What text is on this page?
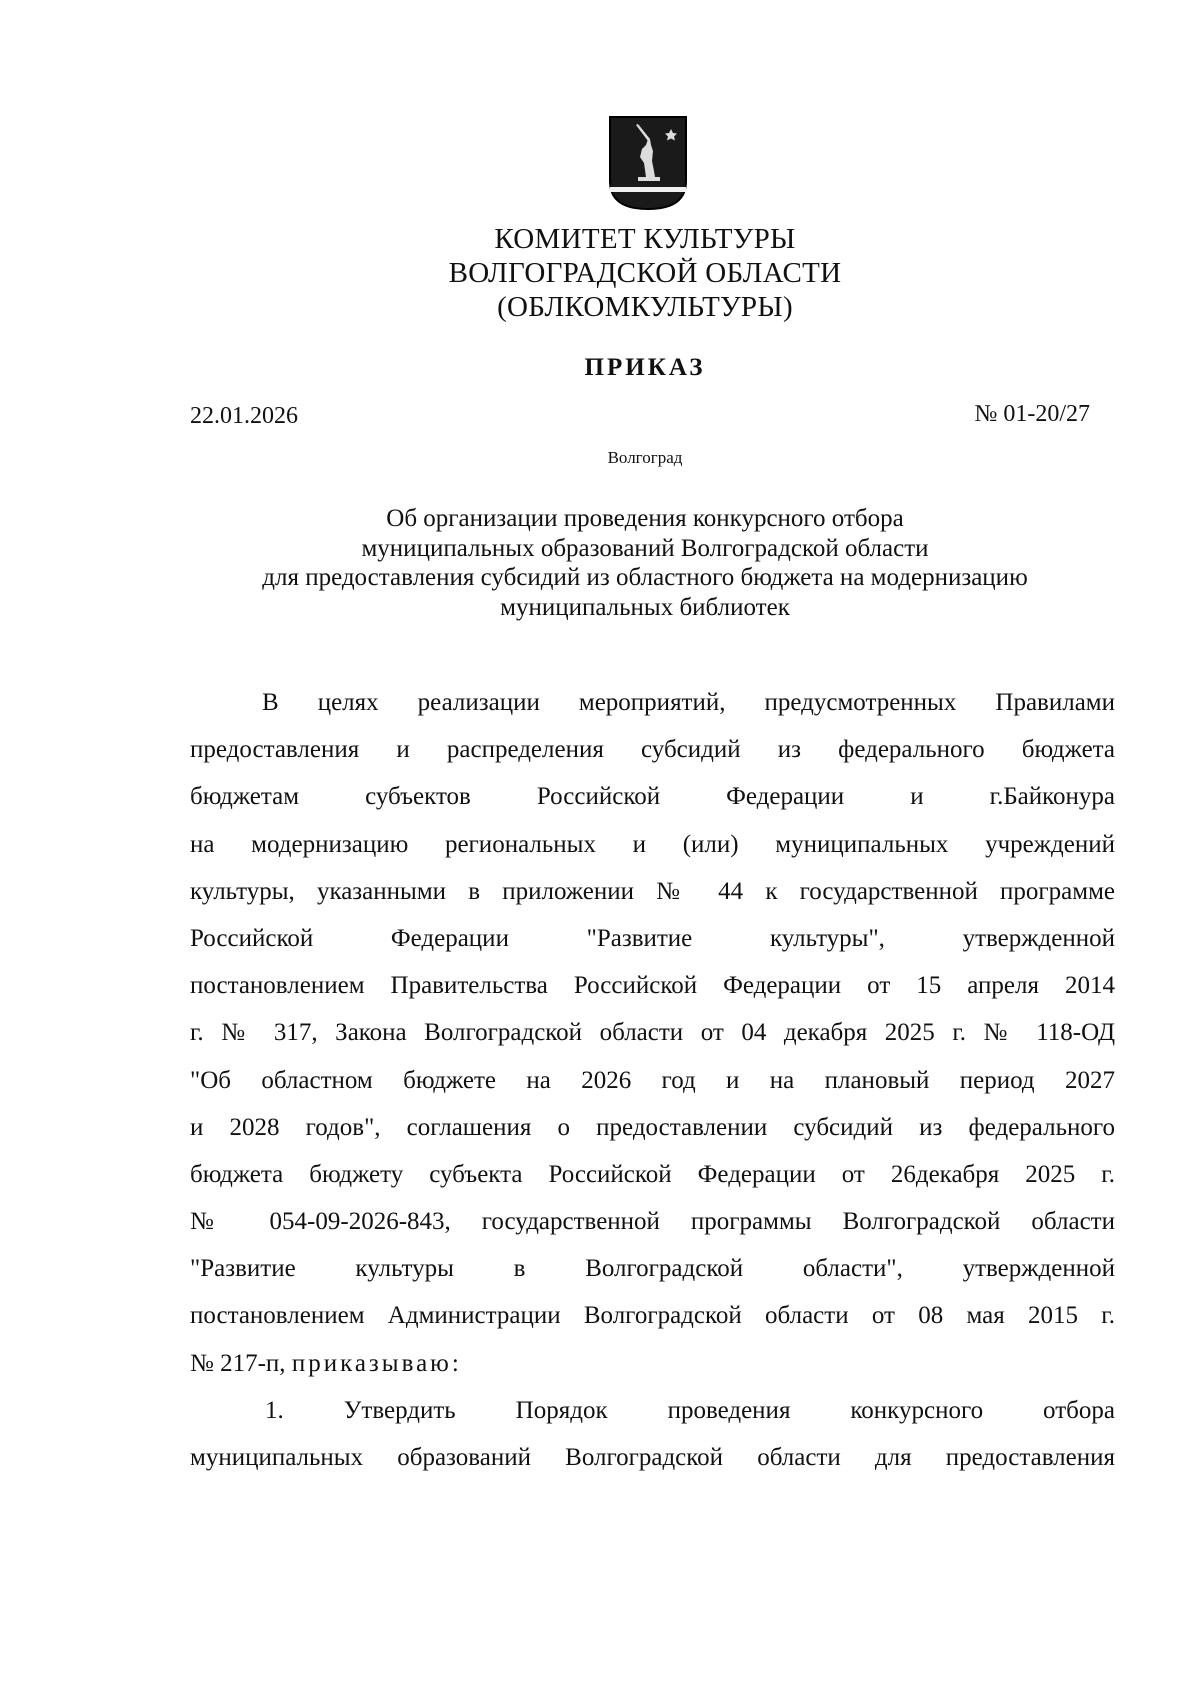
КОМИТЕТ КУЛЬТУРЫ
ВОЛГОГРАДСКОЙ ОБЛАСТИ
(ОБЛКОМКУЛЬТУРЫ)
ПРИКАЗ
22.01.2026	№ 01-20/27
Волгоград
Об организации проведения конкурсного отбора
муниципальных образований Волгоградской области
для предоставления субсидий из областного бюджета на модернизацию
муниципальных библиотек
В целях реализации мероприятий, предусмотренных Правилами
предоставления и распределения субсидий из федерального бюджета
бюджетам субъектов Российской Федерации и г.Байконура
на модернизацию региональных и (или) муниципальных учреждений
культуры, указанными в приложении № 44 к государственной программе
Российской Федерации "Развитие культуры", утвержденной
постановлением Правительства Российской Федерации от 15 апреля 2014
г. № 317, Закона Волгоградской области от 04 декабря 2025 г. № 118-ОД
"Об областном бюджете на 2026 год и на плановый период 2027
и 2028 годов", соглашения о предоставлении субсидий из федерального
бюджета бюджету субъекта Российской Федерации от 26декабря 2025 г.
№ 054-09-2026-843, государственной программы Волгоградской области
"Развитие культуры в Волгоградской области", утвержденной
постановлением Администрации Волгоградской области от 08 мая 2015 г.
№ 217-п, приказываю:
1. Утвердить Порядок проведения конкурсного отбора
муниципальных образований Волгоградской области для предоставления
